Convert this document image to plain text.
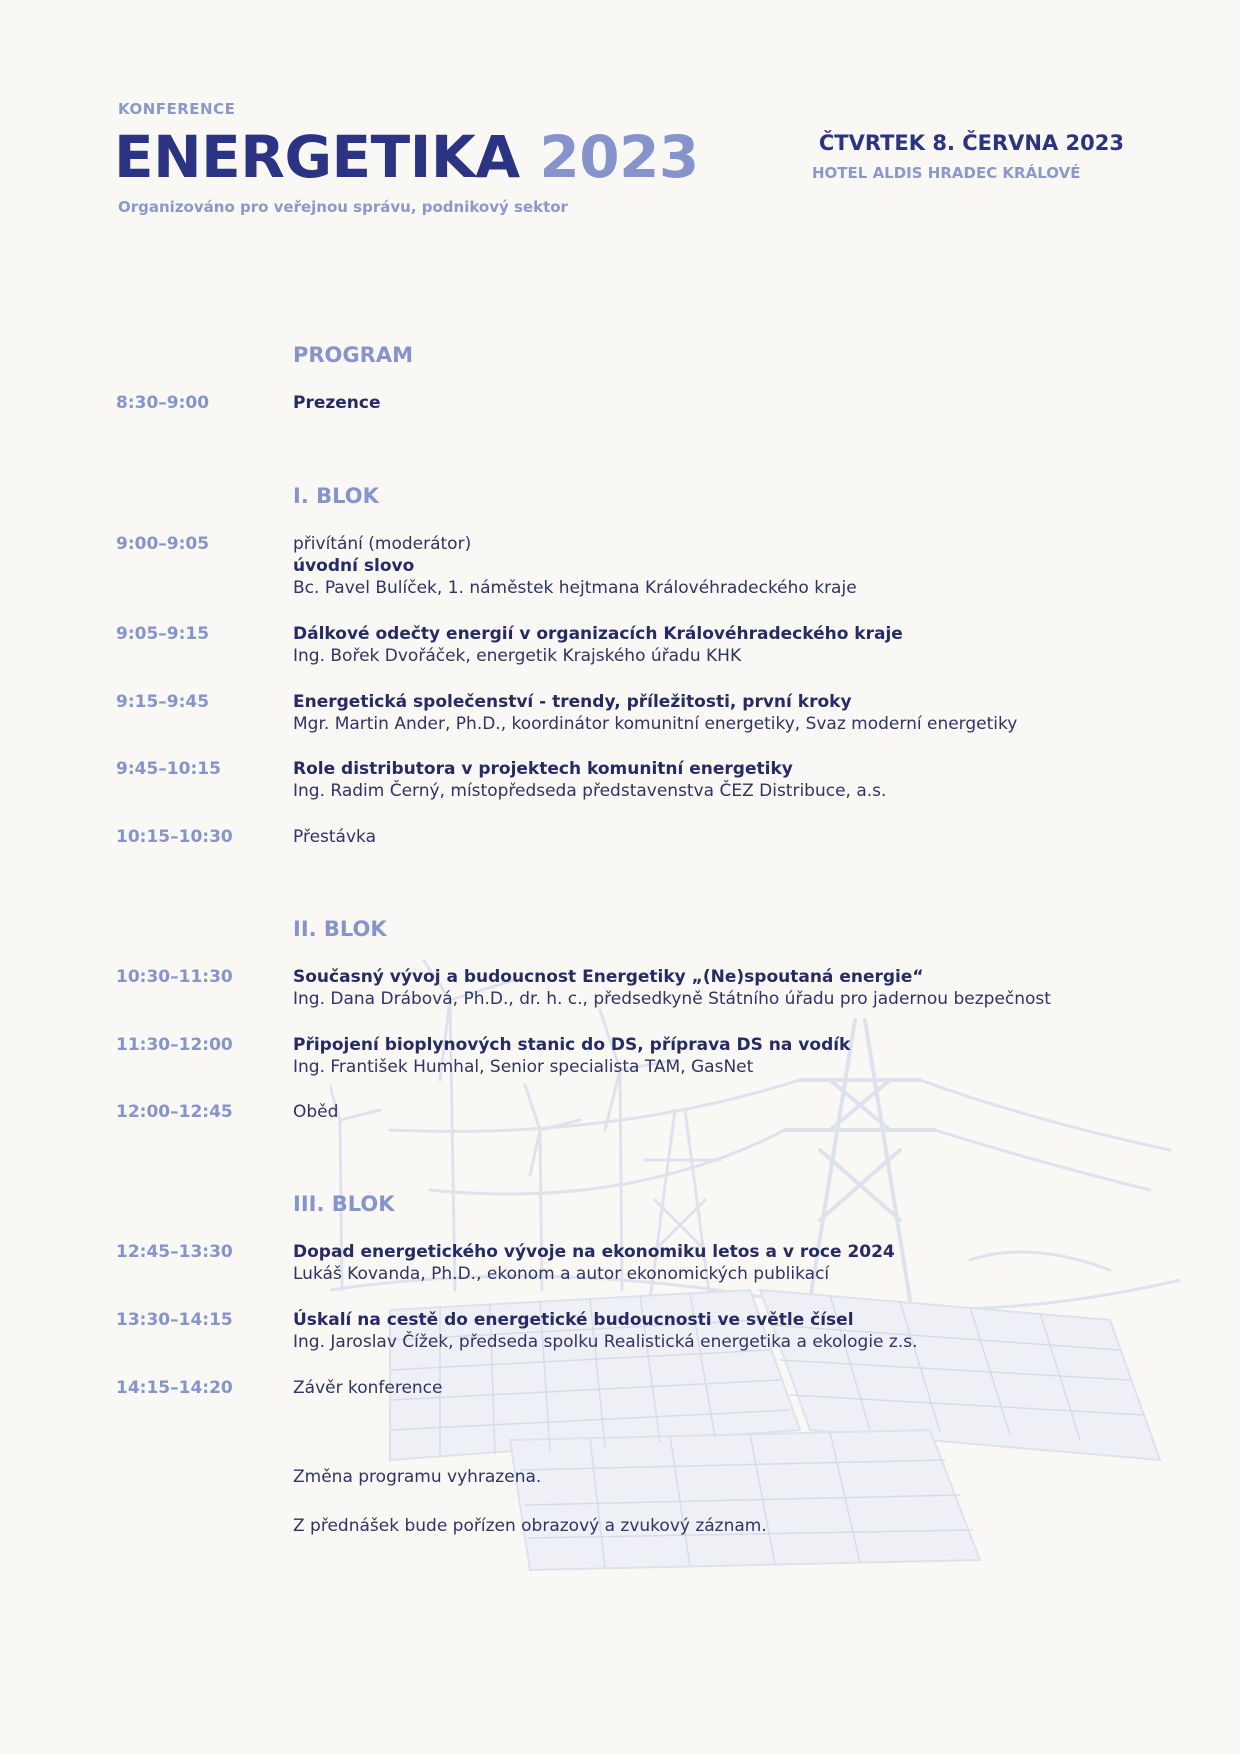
KONFERENCE
ENERGETIKA 2023
Organizováno pro veřejnou správu, podnikový sektor
ČTVRTEK 8. ČERVNA 2023
HOTEL ALDIS HRADEC KRÁLOVÉ
PROGRAM
8:30–9:00	Prezence
I. BLOK
9:00–9:05	přivítání (moderátor)
úvodní slovo
Bc. Pavel Bulíček, 1. náměstek hejtmana Královéhradeckého kraje
9:05–9:15	Dálkové odečty energií v organizacích Královéhradeckého kraje
Ing. Bořek Dvořáček, energetik Krajského úřadu KHK
9:15–9:45	Energetická společenství - trendy, příležitosti, první kroky
Mgr. Martin Ander, Ph.D., koordinátor komunitní energetiky, Svaz moderní energetiky
9:45–10:15	Role distributora v projektech komunitní energetiky
Ing. Radim Černý, místopředseda představenstva ČEZ Distribuce, a.s.
10:15–10:30	Přestávka
II. BLOK
10:30–11:30	Současný vývoj a budoucnost Energetiky „(Ne)spoutaná energie“
Ing. Dana Drábová, Ph.D., dr. h. c., předsedkyně Státního úřadu pro jadernou bezpečnost
11:30–12:00	Připojení bioplynových stanic do DS, příprava DS na vodík
Ing. František Humhal, Senior specialista TAM, GasNet
12:00–12:45	Oběd
III. BLOK
12:45–13:30	Dopad energetického vývoje na ekonomiku letos a v roce 2024
Lukáš Kovanda, Ph.D., ekonom a autor ekonomických publikací
13:30–14:15	Úskalí na cestě do energetické budoucnosti ve světle čísel
Ing. Jaroslav Čížek, předseda spolku Realistická energetika a ekologie z.s.
14:15–14:20	Závěr konference
Změna programu vyhrazena.
Z přednášek bude pořízen obrazový a zvukový záznam.
